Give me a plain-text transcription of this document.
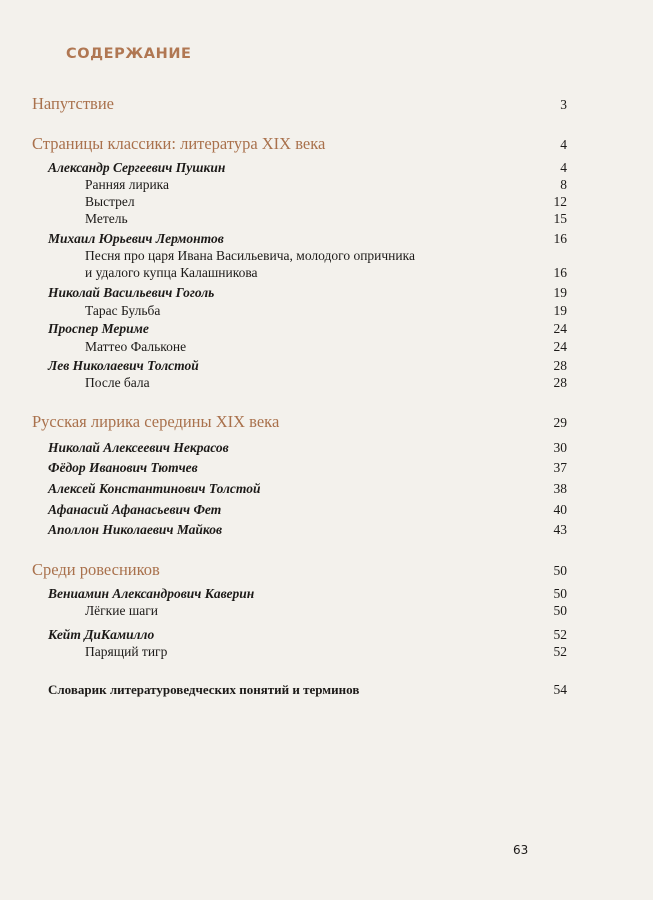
СОДЕРЖАНИЕ
Напутствие	3
Страницы классики: литература XIX века	4
Александр Сергеевич Пушкин	4
Ранняя лирика	8
Выстрел	12
Метель	15
Михаил Юрьевич Лермонтов	16
Песня про царя Ивана Васильевича, молодого опричника
и удалого купца Калашникова	16
Николай Васильевич Гоголь	19
Тарас Бульба	19
Проспер Мериме	24
Маттео Фальконе	24
Лев Николаевич Толстой	28
После бала	28
Русская лирика середины XIX века	29
Николай Алексеевич Некрасов	30
Фёдор Иванович Тютчев	37
Алексей Константинович Толстой	38
Афанасий Афанасьевич Фет	40
Аполлон Николаевич Майков	43
Среди ровесников	50
Вениамин Александрович Каверин	50
Лёгкие шаги	50
Кейт ДиКамилло	52
Парящий тигр	52
Словарик литературоведческих понятий и терминов	54
63
